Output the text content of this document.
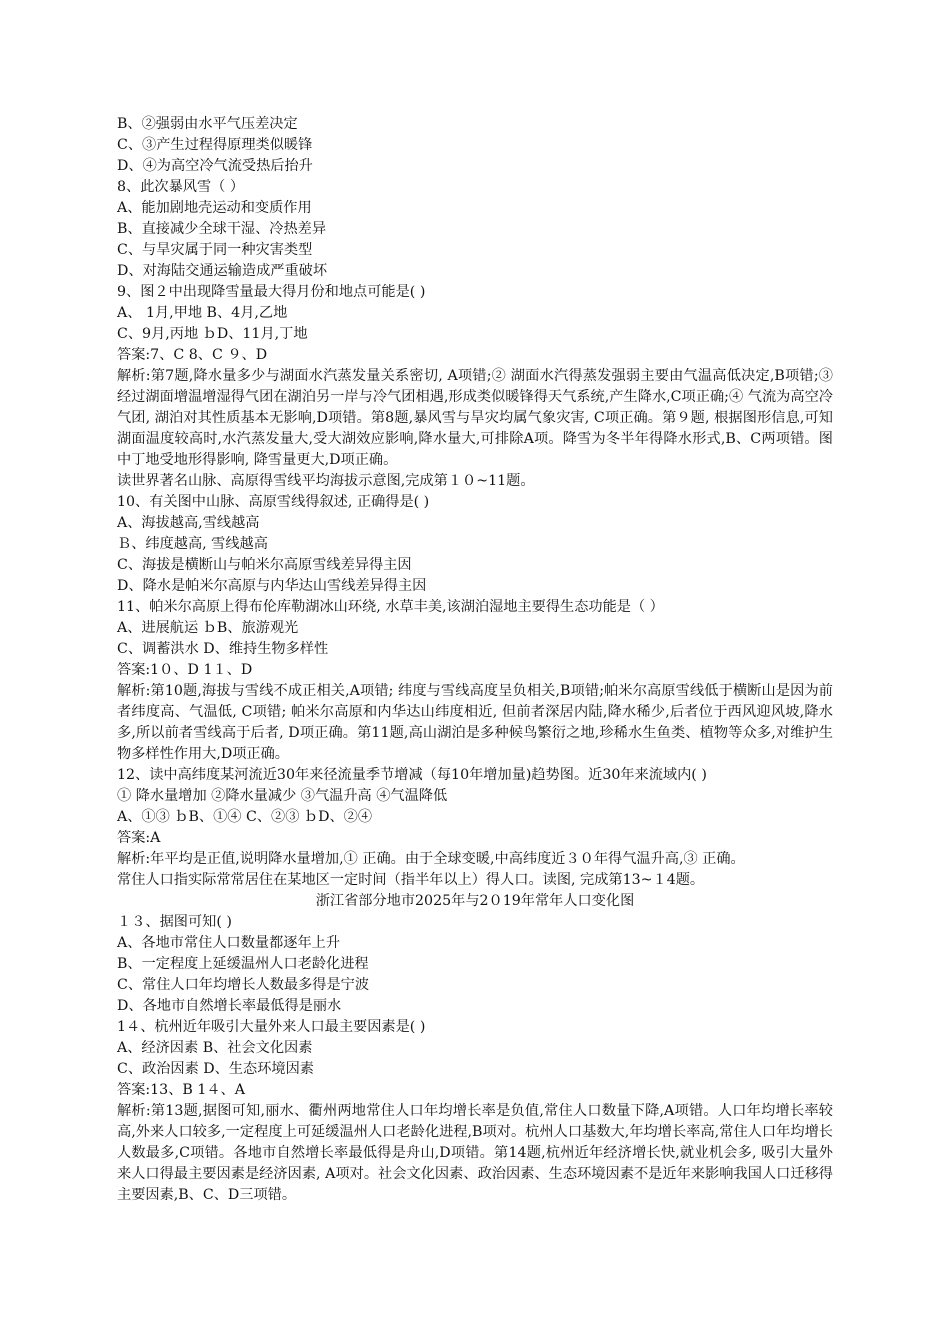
B、②强弱由水平气压差决定
C、③产生过程得原理类似暖锋
D、④为高空冷气流受热后抬升
8、此次暴风雪（ ）
A、能加剧地壳运动和变质作用
B、直接减少全球干湿、冷热差异
C、与旱灾属于同一种灾害类型
D、对海陆交通运输造成严重破坏
9、图２中出现降雪量最大得月份和地点可能是( )
A、 1月,甲地 B、4月,乙地
C、9月,丙地 ｂD、11月,丁地
答案:7、C 8、C ９、D
解析:第7题,降水量多少与湖面水汽蒸发量关系密切, A项错;② 湖面水汽得蒸发强弱主要由气温高低决定,B项错;③ 经过湖面增温增湿得气团在湖泊另一岸与冷气团相遇,形成类似暖锋得天气系统,产生降水,C项正确;④ 气流为高空冷气团, 湖泊对其性质基本无影响,D项错。第8题,暴风雪与旱灾均属气象灾害, C项正确。第９题, 根据图形信息,可知湖面温度较高时,水汽蒸发量大,受大湖效应影响,降水量大,可排除A项。降雪为冬半年得降水形式,B、C两项错。图中丁地受地形得影响, 降雪量更大,D项正确。
读世界著名山脉、高原得雪线平均海拔示意图,完成第１０~11题。
10、有关图中山脉、高原雪线得叙述, 正确得是( )
A、海拔越高,雪线越高
Ｂ、纬度越高, 雪线越高
C、海拔是横断山与帕米尔高原雪线差异得主因
D、降水是帕米尔高原与内华达山雪线差异得主因
11、帕米尔高原上得布伦库勒湖冰山环绕, 水草丰美,该湖泊湿地主要得生态功能是（ ）
A、进展航运 ｂB、旅游观光
C、调蓄洪水 D、维持生物多样性
答案:1０、D 1１、D
解析:第10题,海拔与雪线不成正相关,A项错; 纬度与雪线高度呈负相关,B项错;帕米尔高原雪线低于横断山是因为前者纬度高、气温低, C项错; 帕米尔高原和内华达山纬度相近, 但前者深居内陆,降水稀少,后者位于西风迎风坡,降水多,所以前者雪线高于后者, D项正确。第11题,高山湖泊是多种候鸟繁衍之地,珍稀水生鱼类、植物等众多,对维护生物多样性作用大,D项正确。
12、读中高纬度某河流近30年来径流量季节增减（每10年增加量)趋势图。近30年来流域内( )
① 降水量增加 ②降水量减少 ③气温升高 ④气温降低
A、①③ ｂB、①④ C、②③ ｂD、②④
答案:A
解析:年平均是正值,说明降水量增加,① 正确。由于全球变暖,中高纬度近３０年得气温升高,③ 正确。
常住人口指实际常常居住在某地区一定时间（指半年以上）得人口。读图, 完成第13~１4题。
浙江省部分地市2025年与2０19年常年人口变化图
１３、据图可知( )
A、各地市常住人口数量都逐年上升
B、一定程度上延缓温州人口老龄化进程
C、常住人口年均增长人数最多得是宁波
D、各地市自然增长率最低得是丽水
1４、杭州近年吸引大量外来人口最主要因素是( )
A、经济因素 B、社会文化因素
C、政治因素 D、生态环境因素
答案:13、B 1４、A
解析:第13题,据图可知,丽水、衢州两地常住人口年均增长率是负值,常住人口数量下降,A项错。人口年均增长率较高,外来人口较多,一定程度上可延缓温州人口老龄化进程,B项对。杭州人口基数大,年均增长率高,常住人口年均增长人数最多,C项错。各地市自然增长率最低得是舟山,D项错。第14题,杭州近年经济增长快,就业机会多, 吸引大量外来人口得最主要因素是经济因素, A项对。社会文化因素、政治因素、生态环境因素不是近年来影响我国人口迁移得主要因素,B、C、D三项错。
